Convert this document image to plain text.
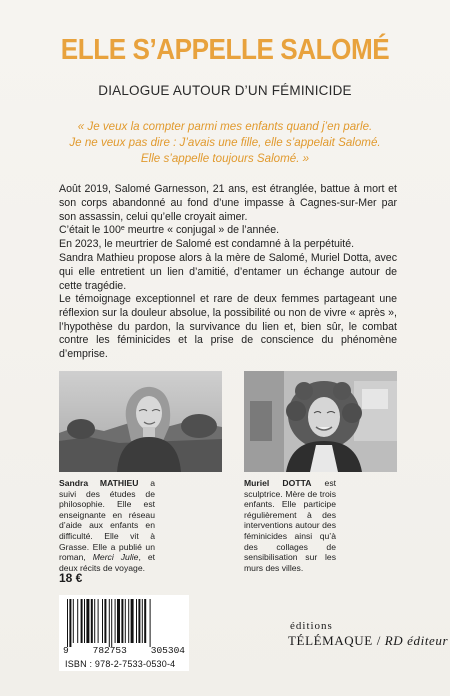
ELLE S’APPELLE SALOMÉ
DIALOGUE AUTOUR D’UN FÉMINICIDE
« Je veux la compter parmi mes enfants quand j’en parle.
Je ne veux pas dire : J’avais une fille, elle s’appelait Salomé.
Elle s’appelle toujours Salomé. »

Août 2019, Salomé Garnesson, 21 ans, est étranglée, battue à mort et son corps abandonné au fond d’une impasse à Cagnes-sur-Mer par son assassin, celui qu’elle croyait aimer.

C’était le 100e meurtre « conjugal » de l’année.

En 2023, le meurtrier de Salomé est condamné à la perpétuité.

Sandra Mathieu propose alors à la mère de Salomé, Muriel Dotta, avec qui elle entretient un lien d’amitié, d’entamer un échange autour de cette tragédie.

Le témoignage exceptionnel et rare de deux femmes partageant une réflexion sur la douleur absolue, la possibilité ou non de vivre « après », l’hypothèse du pardon, la survivance du lien et, bien sûr, le combat contre les féminicides et la prise de conscience du phénomène d’emprise.
Sandra MATHIEU a suivi des études de philosophie. Elle est enseignante en réseau d’aide aux enfants en difficulté. Elle vit à Grasse. Elle a publié un roman, Merci Julie, et deux récits de voyage.
Muriel DOTTA est sculptrice. Mère de trois enfants. Elle participe régulièrement à des interventions autour des féminicides ainsi qu’à des collages de sensibilisation sur les murs des villes.
18 €
9	782753	305304
ISBN : 978-2-7533-0530-4
éditions
TÉLÉMAQUE / RD éditeur
